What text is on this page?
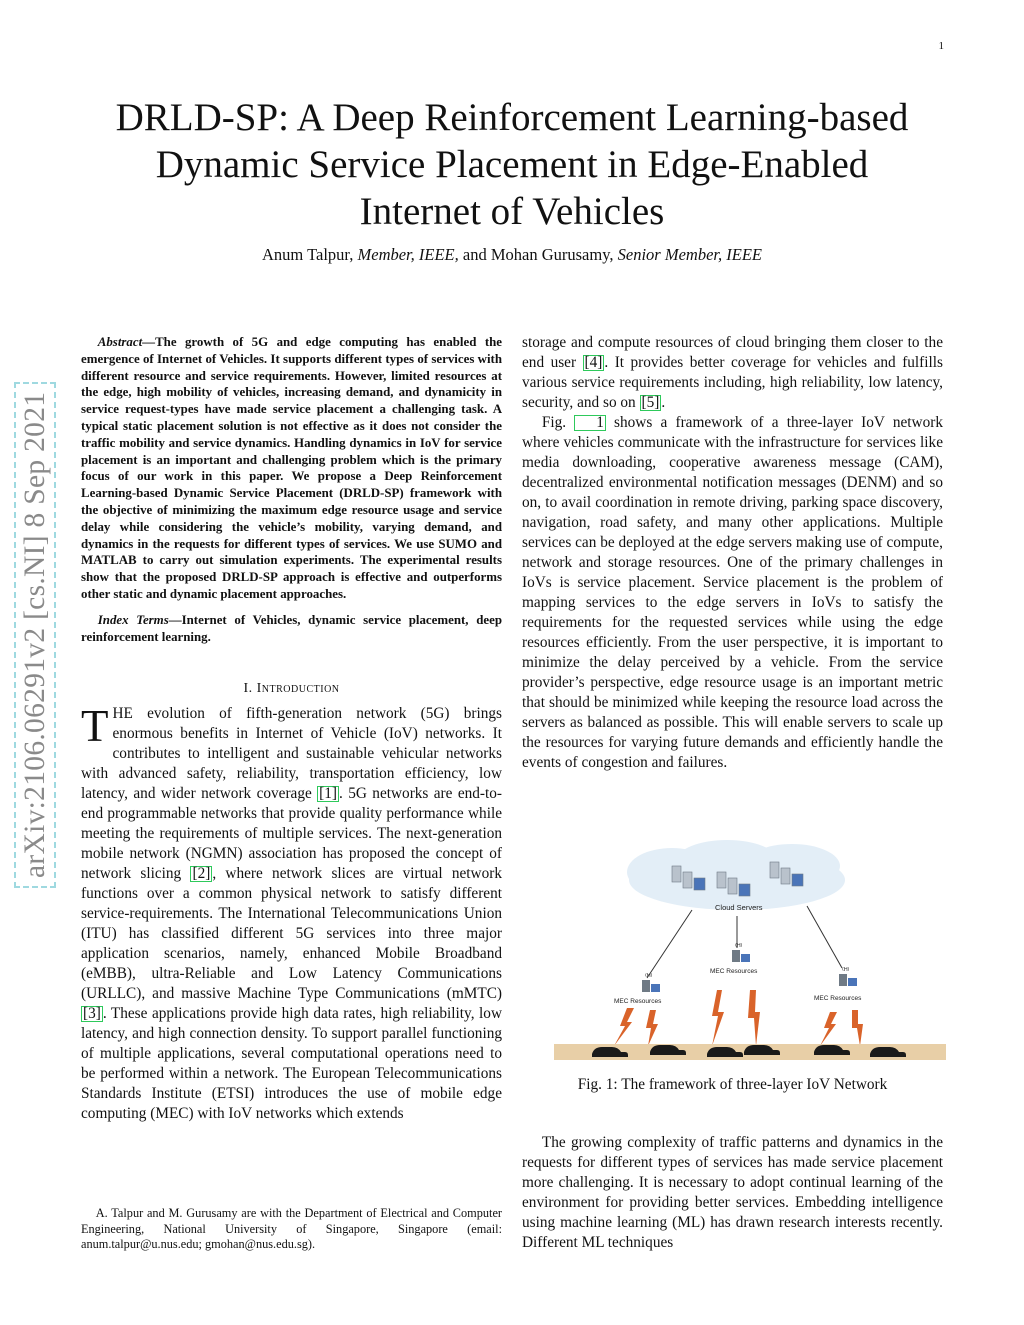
1
DRLD-SP: A Deep Reinforcement Learning-based
Dynamic Service Placement in Edge-Enabled
Internet of Vehicles
Anum Talpur, Member, IEEE, and Mohan Gurusamy, Senior Member, IEEE
arXiv:2106.06291v2 [cs.NI] 8 Sep 2021

Abstract—The growth of 5G and edge computing has enabled the emergence of Internet of Vehicles. It supports different types of services with different resource and service requirements. However, limited resources at the edge, high mobility of vehicles, increasing demand, and dynamicity in service request-types have made service placement a challenging task. A typical static placement solution is not effective as it does not consider the traffic mobility and service dynamics. Handling dynamics in IoV for service placement is an important and challenging problem which is the primary focus of our work in this paper. We propose a Deep Reinforcement Learning-based Dynamic Service Placement (DRLD-SP) framework with the objective of minimizing the maximum edge resource usage and service delay while considering the vehicle’s mobility, varying demand, and dynamics in the requests for different types of services. We use SUMO and MATLAB to carry out simulation experiments. The experimental results show that the proposed DRLD-SP approach is effective and outperforms other static and dynamic placement approaches.

Index Terms—Internet of Vehicles, dynamic service placement, deep reinforcement learning.

I. Introduction

THE evolution of fifth-generation network (5G) brings enormous benefits in Internet of Vehicle (IoV) networks. It contributes to intelligent and sustainable vehicular networks with advanced safety, reliability, transportation efficiency, low latency, and wider network coverage [1] . 5G networks are end-to-end programmable networks that provide quality performance while meeting the requirements of multiple services. The next-generation mobile network (NGMN) association has proposed the concept of network slicing [2] , where network slices are virtual network functions over a common physical network to satisfy different service-requirements. The International Telecommunications Union (ITU) has classified different 5G services into three major application scenarios, namely, enhanced Mobile Broadband (eMBB), ultra-Reliable and Low Latency Communications (URLLC), and massive Machine Type Communications (mMTC) [3] . These applications provide high data rates, high reliability, low latency, and high connection density. To support parallel functioning of multiple applications, several computational operations need to be performed within a network. The European Telecommunications Standards Institute (ETSI) introduces the use of mobile edge computing (MEC) with IoV networks which extends

A. Talpur and M. Gurusamy are with the Department of Electrical and Computer Engineering, National University of Singapore, Singapore (email: anum.talpur@u.nus.edu; gmohan@nus.edu.sg).

storage and compute resources of cloud bringing them closer to the end user [4] . It provides better coverage for vehicles and fulfills various service requirements including, high reliability, low latency, security, and so on [5] .

Fig. 1 shows a framework of a three-layer IoV network where vehicles communicate with the infrastructure for services like media downloading, cooperative awareness message (CAM), decentralized environmental notification messages (DENM) and so on, to avail coordination in remote driving, parking space discovery, navigation, road safety, and many other applications. Multiple services can be deployed at the edge servers making use of compute, network and storage resources. One of the primary challenges in IoVs is service placement. Service placement is the problem of mapping services to the edge servers in IoVs to satisfy the requirements for the requested services while using the edge resources efficiently. From the user perspective, it is important to minimize the delay perceived by a vehicle. From the service provider’s perspective, edge resource usage is an important metric that should be minimized while keeping the resource load across the servers as balanced as possible. This will enable servers to scale up the resources for varying future demands and efficiently handle the events of congestion and failures.

Cloud Servers
⁽ᴴ⁾
MEC Resources
⁽ᴴ⁾
MEC Resources	⁽ᴴ⁾
MEC Resources
Fig. 1: The framework of three-layer IoV Network

The growing complexity of traffic patterns and dynamics in the requests for different types of services has made service placement more challenging. It is necessary to adopt continual learning of the environment for providing better services. Embedding intelligence using machine learning (ML) has drawn research interests recently. Different ML techniques
